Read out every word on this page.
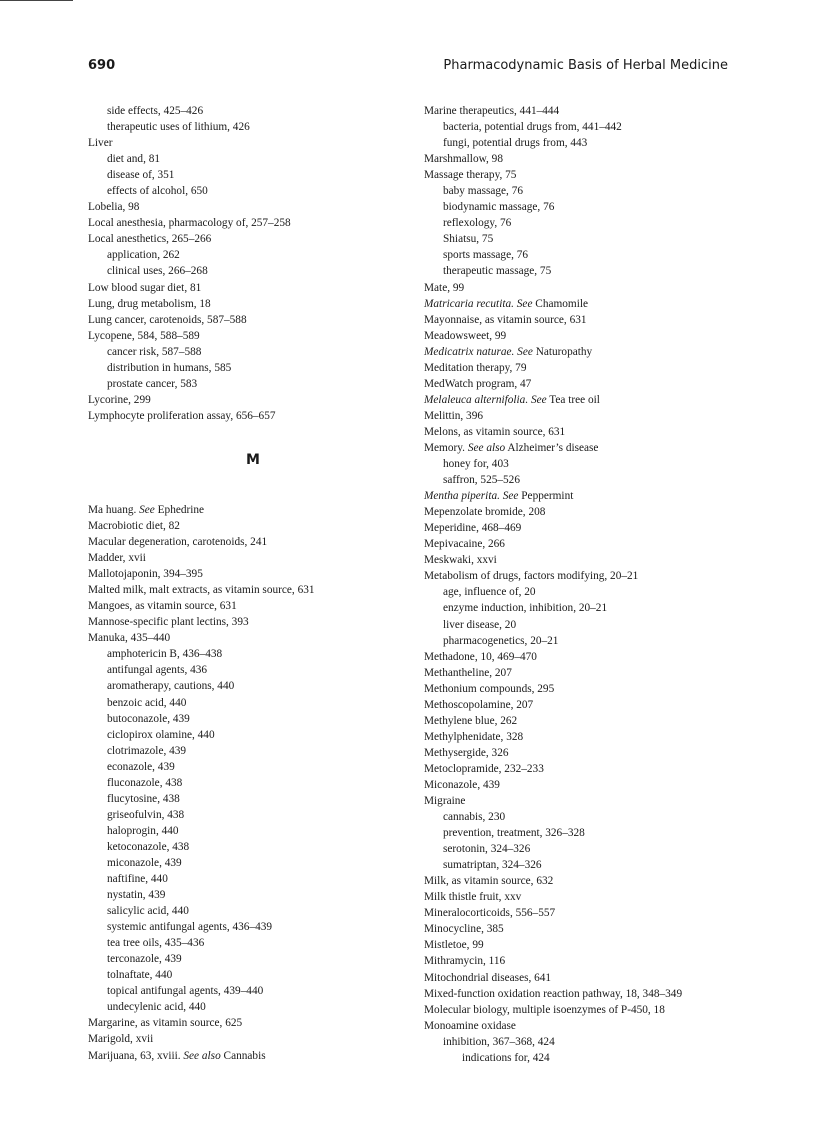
690	Pharmacodynamic Basis of Herbal Medicine
side effects, 425–426
therapeutic uses of lithium, 426
Liver
diet and, 81
disease of, 351
effects of alcohol, 650
Lobelia, 98
Local anesthesia, pharmacology of, 257–258
Local anesthetics, 265–266
application, 262
clinical uses, 266–268
Low blood sugar diet, 81
Lung, drug metabolism, 18
Lung cancer, carotenoids, 587–588
Lycopene, 584, 588–589
cancer risk, 587–588
distribution in humans, 585
prostate cancer, 583
Lycorine, 299
Lymphocyte proliferation assay, 656–657
M
Ma huang. See Ephedrine
Macrobiotic diet, 82
Macular degeneration, carotenoids, 241
Madder, xvii
Mallotojaponin, 394–395
Malted milk, malt extracts, as vitamin source, 631
Mangoes, as vitamin source, 631
Mannose-specific plant lectins, 393
Manuka, 435–440
amphotericin B, 436–438
antifungal agents, 436
aromatherapy, cautions, 440
benzoic acid, 440
butoconazole, 439
ciclopirox olamine, 440
clotrimazole, 439
econazole, 439
fluconazole, 438
flucytosine, 438
griseofulvin, 438
haloprogin, 440
ketoconazole, 438
miconazole, 439
naftifine, 440
nystatin, 439
salicylic acid, 440
systemic antifungal agents, 436–439
tea tree oils, 435–436
terconazole, 439
tolnaftate, 440
topical antifungal agents, 439–440
undecylenic acid, 440
Margarine, as vitamin source, 625
Marigold, xvii
Marijuana, 63, xviii. See also Cannabis
Marine therapeutics, 441–444
bacteria, potential drugs from, 441–442
fungi, potential drugs from, 443
Marshmallow, 98
Massage therapy, 75
baby massage, 76
biodynamic massage, 76
reflexology, 76
Shiatsu, 75
sports massage, 76
therapeutic massage, 75
Mate, 99
Matricaria recutita. See Chamomile
Mayonnaise, as vitamin source, 631
Meadowsweet, 99
Medicatrix naturae. See Naturopathy
Meditation therapy, 79
MedWatch program, 47
Melaleuca alternifolia. See Tea tree oil
Melittin, 396
Melons, as vitamin source, 631
Memory. See also Alzheimer’s disease
honey for, 403
saffron, 525–526
Mentha piperita. See Peppermint
Mepenzolate bromide, 208
Meperidine, 468–469
Mepivacaine, 266
Meskwaki, xxvi
Metabolism of drugs, factors modifying, 20–21
age, influence of, 20
enzyme induction, inhibition, 20–21
liver disease, 20
pharmacogenetics, 20–21
Methadone, 10, 469–470
Methantheline, 207
Methonium compounds, 295
Methoscopolamine, 207
Methylene blue, 262
Methylphenidate, 328
Methysergide, 326
Metoclopramide, 232–233
Miconazole, 439
Migraine
cannabis, 230
prevention, treatment, 326–328
serotonin, 324–326
sumatriptan, 324–326
Milk, as vitamin source, 632
Milk thistle fruit, xxv
Mineralocorticoids, 556–557
Minocycline, 385
Mistletoe, 99
Mithramycin, 116
Mitochondrial diseases, 641
Mixed-function oxidation reaction pathway, 18, 348–349
Molecular biology, multiple isoenzymes of P-450, 18
Monoamine oxidase
inhibition, 367–368, 424
indications for, 424
